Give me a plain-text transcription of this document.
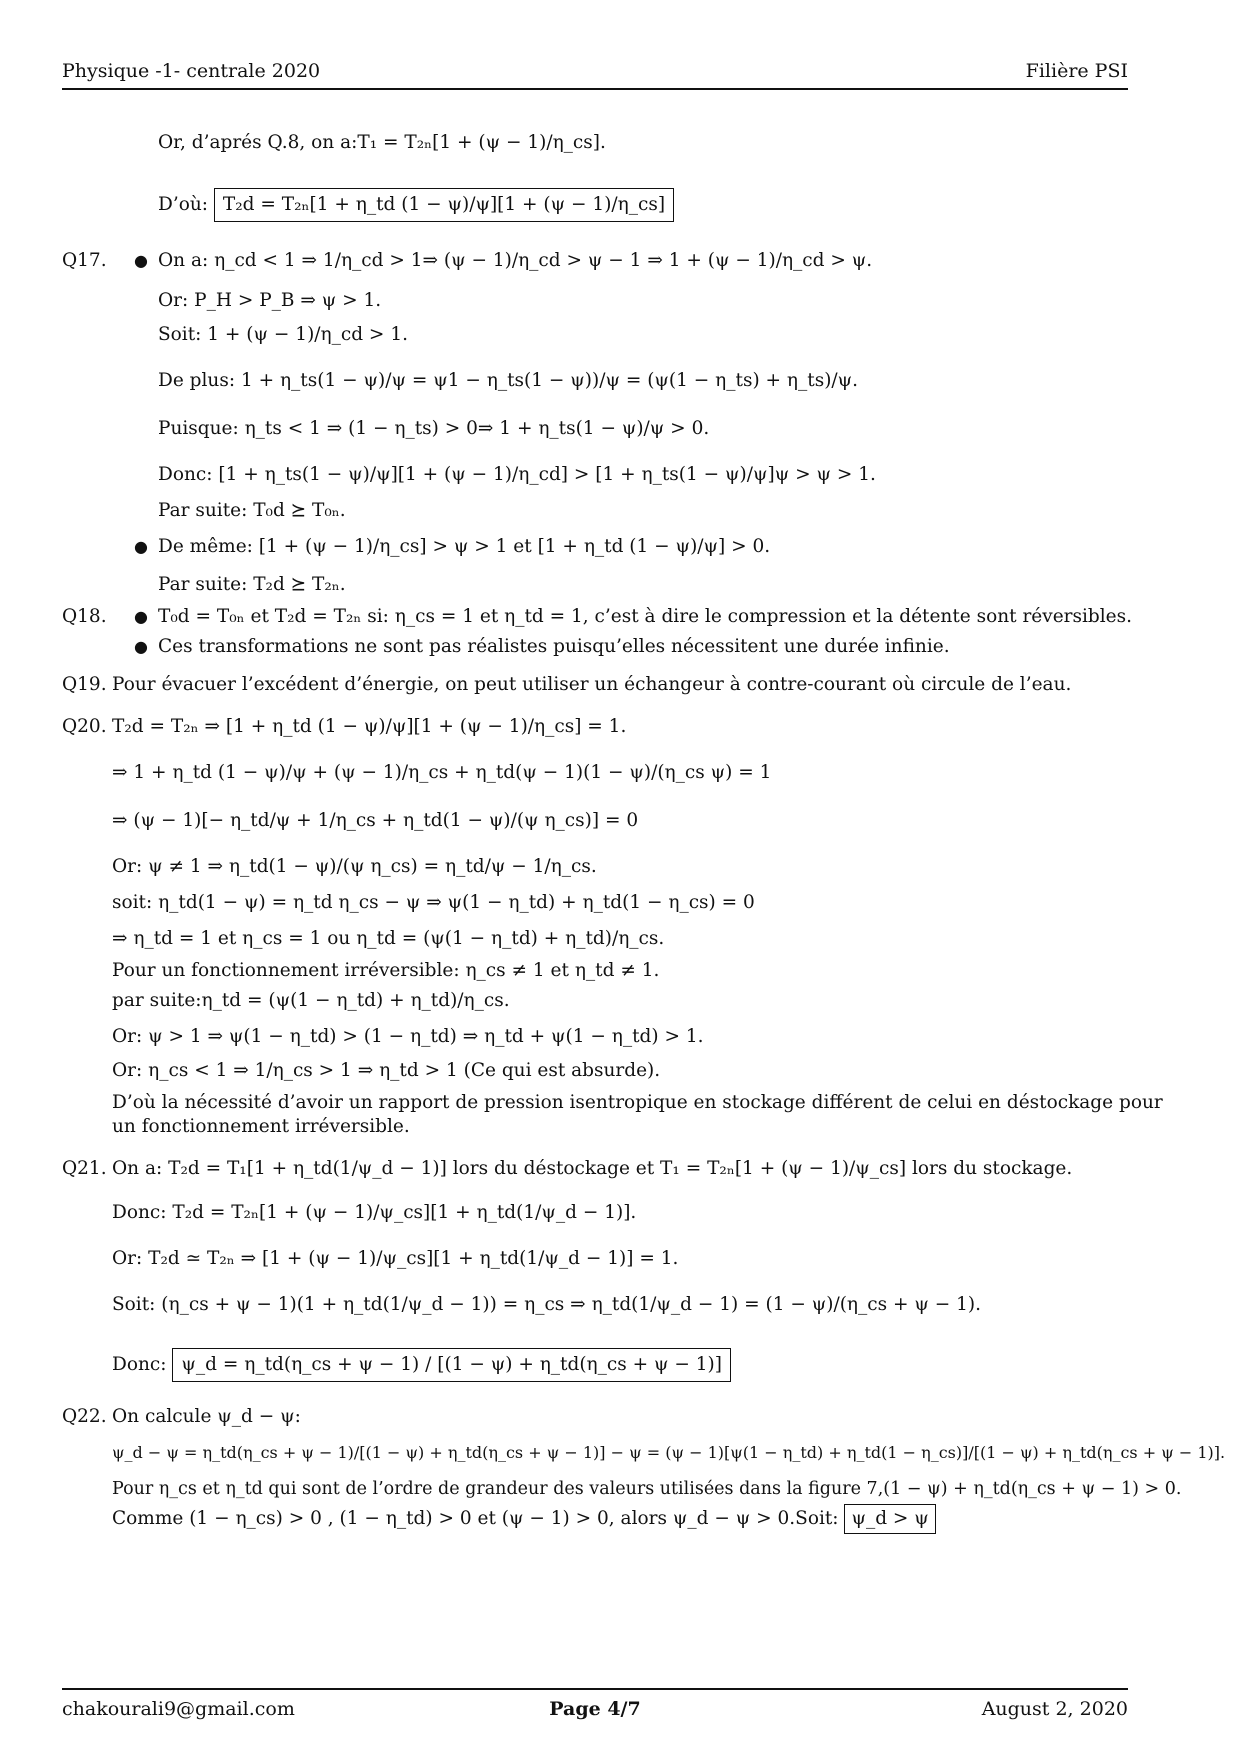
Physique -1- centrale 2020	Filière PSI
Or, d’aprés Q.8, on a:T₁ = T₂ₙ[1 + (ψ − 1)/η_cs].
D’où: T₂d = T₂ₙ[1 + η_td (1 − ψ)/ψ][1 + (ψ − 1)/η_cs]
Q17. ● On a: η_cd < 1 ⇒ 1/η_cd > 1⇒ (ψ − 1)/η_cd > ψ − 1 ⇒ 1 + (ψ − 1)/η_cd > ψ.
Or: P_H > P_B ⇒ ψ > 1.
Soit: 1 + (ψ − 1)/η_cd > 1.
De plus: 1 + η_ts(1 − ψ)/ψ = ψ1 − η_ts(1 − ψ))/ψ = (ψ(1 − η_ts) + η_ts)/ψ.
Puisque: η_ts < 1 ⇒ (1 − η_ts) > 0⇒ 1 + η_ts(1 − ψ)/ψ > 0.
Donc: [1 + η_ts(1 − ψ)/ψ][1 + (ψ − 1)/η_cd] > [1 + η_ts(1 − ψ)/ψ]ψ > ψ > 1.
Par suite: T₀d ⪰ T₀ₙ.
● De même: [1 + (ψ − 1)/η_cs] > ψ > 1 et [1 + η_td (1 − ψ)/ψ] > 0.
Par suite: T₂d ⪰ T₂ₙ.
Q18. ● T₀d = T₀ₙ et T₂d = T₂ₙ si: η_cs = 1 et η_td = 1, c’est à dire le compression et la détente sont réversibles.
● Ces transformations ne sont pas réalistes puisqu’elles nécessitent une durée infinie.
Q19. Pour évacuer l’excédent d’énergie, on peut utiliser un échangeur à contre-courant où circule de l’eau.
Q20. T₂d = T₂ₙ ⇒ [1 + η_td (1 − ψ)/ψ][1 + (ψ − 1)/η_cs] = 1.
⇒ 1 + η_td (1 − ψ)/ψ + (ψ − 1)/η_cs + η_td(ψ − 1)(1 − ψ)/(η_cs ψ) = 1
⇒ (ψ − 1)[− η_td/ψ + 1/η_cs + η_td(1 − ψ)/(ψ η_cs)] = 0
Or: ψ ≠ 1 ⇒ η_td(1 − ψ)/(ψ η_cs) = η_td/ψ − 1/η_cs.
soit: η_td(1 − ψ) = η_td η_cs − ψ ⇒ ψ(1 − η_td) + η_td(1 − η_cs) = 0
⇒ η_td = 1 et η_cs = 1 ou η_td = (ψ(1 − η_td) + η_td)/η_cs.
Pour un fonctionnement irréversible: η_cs ≠ 1 et η_td ≠ 1.
par suite:η_td = (ψ(1 − η_td) + η_td)/η_cs.
Or: ψ > 1 ⇒ ψ(1 − η_td) > (1 − η_td) ⇒ η_td + ψ(1 − η_td) > 1.
Or: η_cs < 1 ⇒ 1/η_cs > 1 ⇒ η_td > 1 (Ce qui est absurde).
D’où la nécessité d’avoir un rapport de pression isentropique en stockage différent de celui en déstockage pour
un fonctionnement irréversible.
Q21. On a: T₂d = T₁[1 + η_td(1/ψ_d − 1)] lors du déstockage et T₁ = T₂ₙ[1 + (ψ − 1)/ψ_cs] lors du stockage.
Donc: T₂d = T₂ₙ[1 + (ψ − 1)/ψ_cs][1 + η_td(1/ψ_d − 1)].
Or: T₂d ≃ T₂ₙ ⇒ [1 + (ψ − 1)/ψ_cs][1 + η_td(1/ψ_d − 1)] = 1.
Soit: (η_cs + ψ − 1)(1 + η_td(1/ψ_d − 1)) = η_cs ⇒ η_td(1/ψ_d − 1) = (1 − ψ)/(η_cs + ψ − 1).
Donc: ψ_d = η_td(η_cs + ψ − 1) / [(1 − ψ) + η_td(η_cs + ψ − 1)]
Q22. On calcule ψ_d − ψ:
ψ_d − ψ = η_td(η_cs + ψ − 1)/[(1 − ψ) + η_td(η_cs + ψ − 1)] − ψ = (ψ − 1)[ψ(1 − η_td) + η_td(1 − η_cs)]/[(1 − ψ) + η_td(η_cs + ψ − 1)].
Pour η_cs et η_td qui sont de l’ordre de grandeur des valeurs utilisées dans la figure 7,(1 − ψ) + η_td(η_cs + ψ − 1) > 0.
Comme (1 − η_cs) > 0 , (1 − η_td) > 0 et (ψ − 1) > 0, alors ψ_d − ψ > 0.Soit: ψ_d > ψ
chakourali9@gmail.com	Page 4/7	August 2, 2020
